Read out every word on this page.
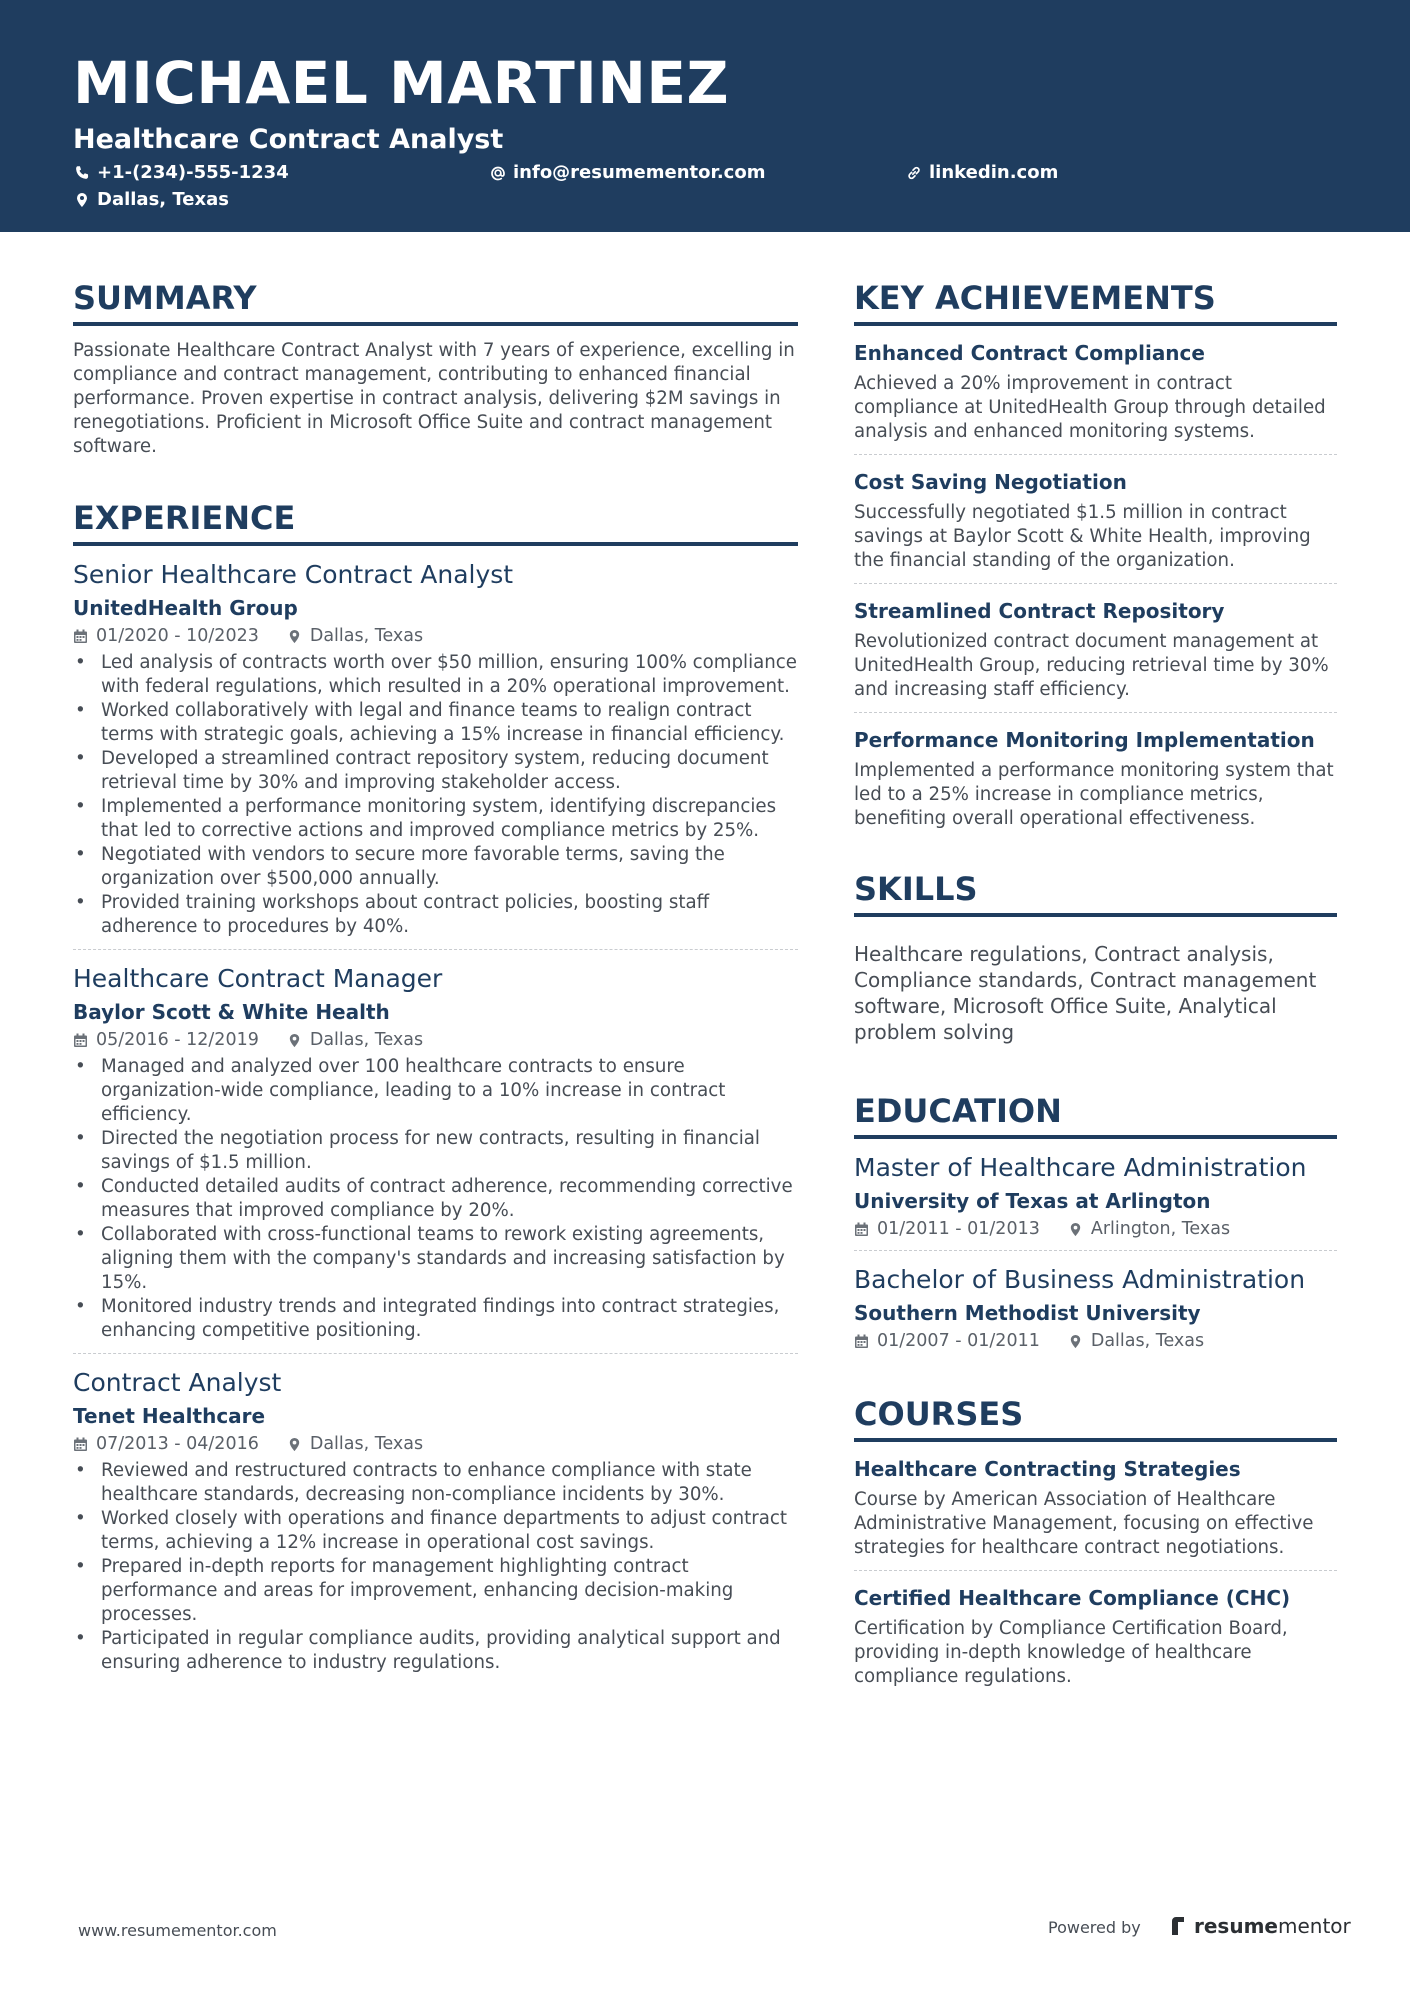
MICHAEL MARTINEZ
Healthcare Contract Analyst
+1-(234)-555-1234	info@resumementor.com	linkedin.com
Dallas, Texas
SUMMARY

Passionate Healthcare Contract Analyst with 7 years of experience, excelling in compliance and contract management, contributing to enhanced financial performance. Proven expertise in contract analysis, delivering $2M savings in renegotiations. Proficient in Microsoft Office Suite and contract management software.

EXPERIENCE
Senior Healthcare Contract Analyst
UnitedHealth Group
01/2020 - 10/2023	Dallas, Texas
• Led analysis of contracts worth over $50 million, ensuring 100% compliance with federal regulations, which resulted in a 20% operational improvement.
• Worked collaboratively with legal and finance teams to realign contract terms with strategic goals, achieving a 15% increase in financial efficiency.
• Developed a streamlined contract repository system, reducing document retrieval time by 30% and improving stakeholder access.
• Implemented a performance monitoring system, identifying discrepancies that led to corrective actions and improved compliance metrics by 25%.
• Negotiated with vendors to secure more favorable terms, saving the organization over $500,000 annually.
• Provided training workshops about contract policies, boosting staff adherence to procedures by 40%.
Healthcare Contract Manager
Baylor Scott & White Health
05/2016 - 12/2019	Dallas, Texas
• Managed and analyzed over 100 healthcare contracts to ensure organization-wide compliance, leading to a 10% increase in contract efficiency.
• Directed the negotiation process for new contracts, resulting in financial savings of $1.5 million.
• Conducted detailed audits of contract adherence, recommending corrective measures that improved compliance by 20%.
• Collaborated with cross-functional teams to rework existing agreements, aligning them with the company's standards and increasing satisfaction by 15%.
• Monitored industry trends and integrated findings into contract strategies, enhancing competitive positioning.
Contract Analyst
Tenet Healthcare
07/2013 - 04/2016	Dallas, Texas
• Reviewed and restructured contracts to enhance compliance with state healthcare standards, decreasing non-compliance incidents by 30%.
• Worked closely with operations and finance departments to adjust contract terms, achieving a 12% increase in operational cost savings.
• Prepared in-depth reports for management highlighting contract performance and areas for improvement, enhancing decision-making processes.
• Participated in regular compliance audits, providing analytical support and ensuring adherence to industry regulations.
KEY ACHIEVEMENTS
Enhanced Contract Compliance

Achieved a 20% improvement in contract compliance at UnitedHealth Group through detailed analysis and enhanced monitoring systems.

Cost Saving Negotiation

Successfully negotiated $1.5 million in contract savings at Baylor Scott & White Health, improving the financial standing of the organization.

Streamlined Contract Repository

Revolutionized contract document management at UnitedHealth Group, reducing retrieval time by 30% and increasing staff efficiency.

Performance Monitoring Implementation

Implemented a performance monitoring system that led to a 25% increase in compliance metrics, benefiting overall operational effectiveness.

SKILLS

Healthcare regulations, Contract analysis, Compliance standards, Contract management software, Microsoft Office Suite, Analytical problem solving

EDUCATION
Master of Healthcare Administration
University of Texas at Arlington
01/2011 - 01/2013	Arlington, Texas
Bachelor of Business Administration
Southern Methodist University
01/2007 - 01/2011	Dallas, Texas
COURSES
Healthcare Contracting Strategies

Course by American Association of Healthcare Administrative Management, focusing on effective strategies for healthcare contract negotiations.

Certified Healthcare Compliance (CHC)

Certification by Compliance Certification Board, providing in-depth knowledge of healthcare compliance regulations.

www.resumementor.com	Powered by	resume mentor
